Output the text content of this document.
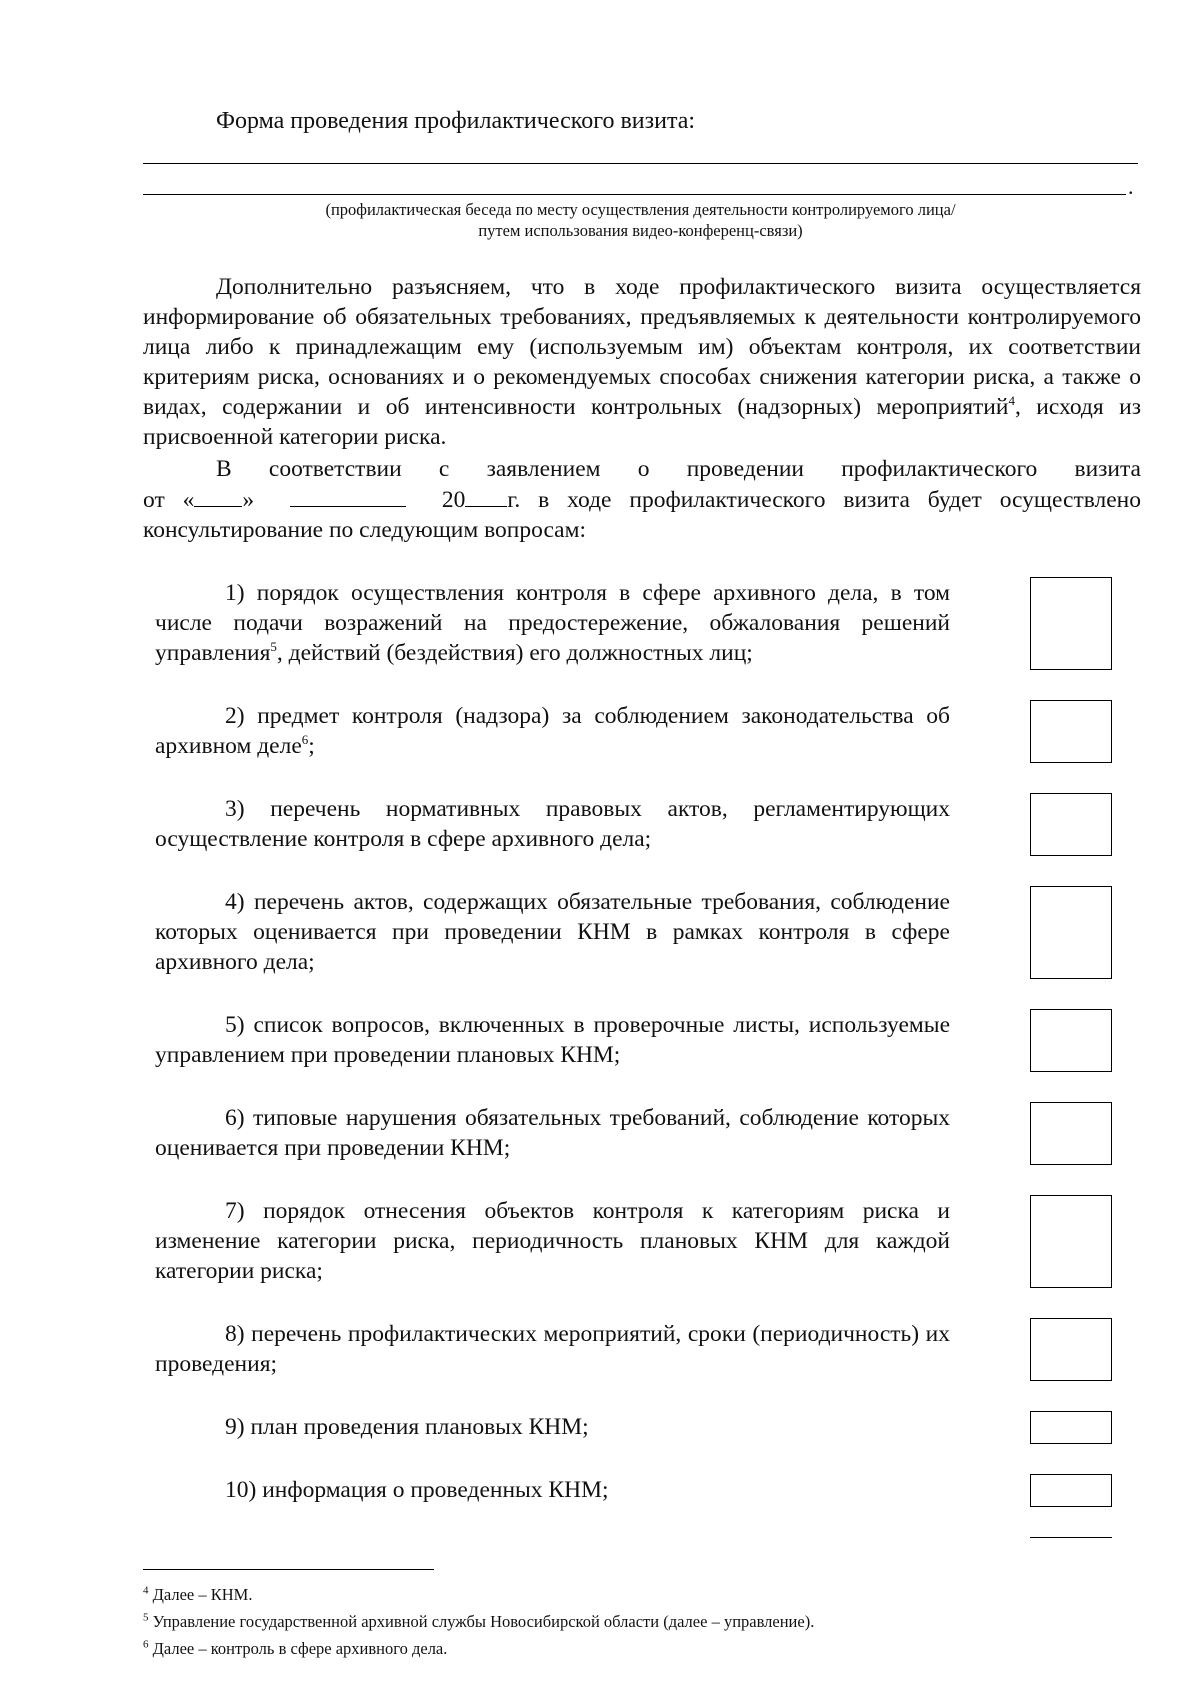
Форма проведения профилактического визита:
.
(профилактическая беседа по месту осуществления деятельности контролируемого лица/
путем использования видео-конференц-связи)
Дополнительно разъясняем, что в ходе профилактического визита осуществляется информирование об обязательных требованиях, предъявляемых к деятельности контролируемого лица либо к принадлежащим ему (используемым им) объектам контроля, их соответствии критериям риска, основаниях и о рекомендуемых способах снижения категории риска, а также о видах, содержании и об интенсивности контрольных (надзорных) мероприятий$^4$, исходя из присвоенной категории риска.
В соответствии с заявлением о проведении профилактического визита
от « »	20 г. в ходе профилактического визита будет осуществлено
консультирование по следующим вопросам:
1) порядок осуществления контроля в сфере архивного дела, в том числе подачи возражений на предостережение, обжалования решений управления$^5$, действий (бездействия) его должностных лиц;
2) предмет контроля (надзора) за соблюдением законодательства об архивном деле$^6$;
3) перечень нормативных правовых актов, регламентирующих осуществление контроля в сфере архивного дела;
4) перечень актов, содержащих обязательные требования, соблюдение которых оценивается при проведении КНМ в рамках контроля в сфере архивного дела;
5) список вопросов, включенных в проверочные листы, используемые управлением при проведении плановых КНМ;
6) типовые нарушения обязательных требований, соблюдение которых оценивается при проведении КНМ;
7) порядок отнесения объектов контроля к категориям риска и изменение категории риска, периодичность плановых КНМ для каждой категории риска;
8) перечень профилактических мероприятий, сроки (периодичность) их проведения;
9) план проведения плановых КНМ;
10) информация о проведенных КНМ;
$^4$ Далее – КНМ.
$^5$ Управление государственной архивной службы Новосибирской области (далее – управление).
$^6$ Далее – контроль в сфере архивного дела.
